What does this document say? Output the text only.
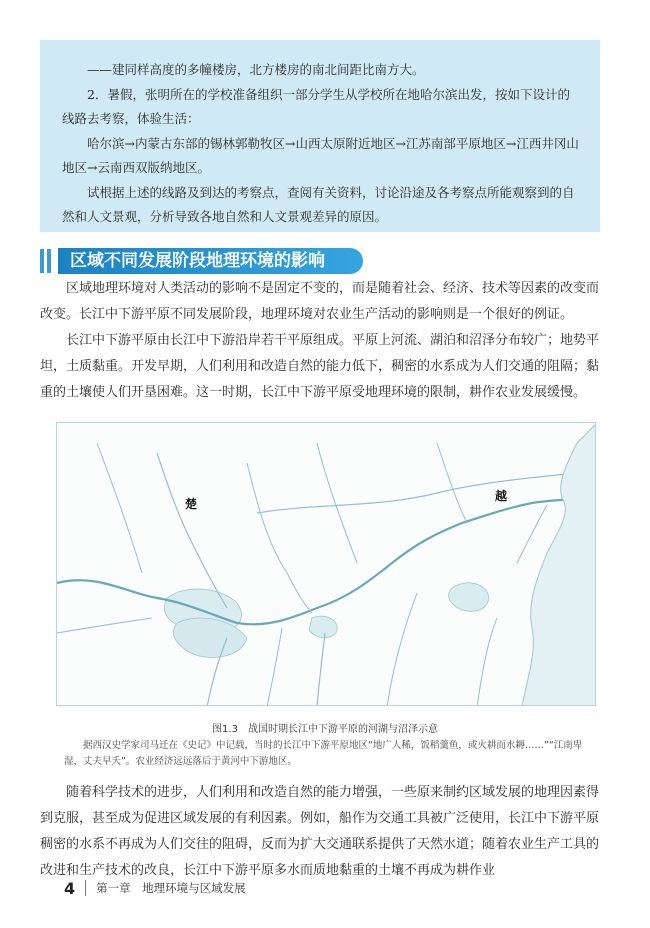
——建同样高度的多幢楼房，北方楼房的南北间距比南方大。

2．暑假，张明所在的学校准备组织一部分学生从学校所在地哈尔滨出发，按如下设计的线路去考察，体验生活：

哈尔滨→内蒙古东部的锡林郭勒牧区→山西太原附近地区→江苏南部平原地区→江西井冈山地区→云南西双版纳地区。

试根据上述的线路及到达的考察点，查阅有关资料，讨论沿途及各考察点所能观察到的自然和人文景观，分析导致各地自然和人文景观差异的原因。

区域不同发展阶段地理环境的影响

区域地理环境对人类活动的影响不是固定不变的，而是随着社会、经济、技术等因素的改变而改变。长江中下游平原不同发展阶段，地理环境对农业生产活动的影响则是一个很好的例证。

长江中下游平原由长江中下游沿岸若干平原组成。平原上河流、湖泊和沼泽分布较广；地势平坦，土质黏重。开发早期，人们利用和改造自然的能力低下，稠密的水系成为人们交通的阻隔；黏重的土壤使人们开垦困难。这一时期，长江中下游平原受地理环境的限制，耕作农业发展缓慢。

楚
越
图1.3　战国时期长江中下游平原的河湖与沼泽示意

据西汉史学家司马迁在《史记》中记载，当时的长江中下游平原地区“地广人稀，饭稻羹鱼，或火耕而水耨……”“江南卑湿，丈夫早夭”。农业经济远远落后于黄河中下游地区。

随着科学技术的进步，人们利用和改造自然的能力增强，一些原来制约区域发展的地理因素得到克服，甚至成为促进区域发展的有利因素。例如，船作为交通工具被广泛使用，长江中下游平原稠密的水系不再成为人们交往的阻碍，反而为扩大交通联系提供了天然水道；随着农业生产工具的改进和生产技术的改良，长江中下游平原多水而质地黏重的土壤不再成为耕作业

4 第一章　地理环境与区域发展
